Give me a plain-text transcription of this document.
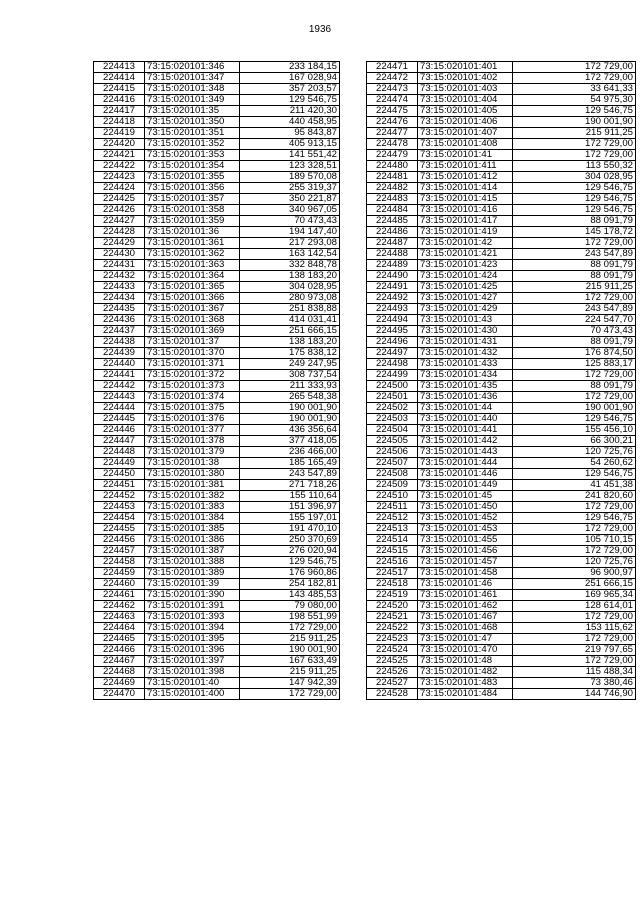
1936
224413	73:15:020101:346	233 184,15
224414	73:15:020101:347	167 028,94
224415	73:15:020101:348	357 203,57
224416	73:15:020101:349	129 546,75
224417	73:15:020101:35	211 420,30
224418	73:15:020101:350	440 458,95
224419	73:15:020101:351	95 843,87
224420	73:15:020101:352	405 913,15
224421	73:15:020101:353	141 551,42
224422	73:15:020101:354	123 328,51
224423	73:15:020101:355	189 570,08
224424	73:15:020101:356	255 319,37
224425	73:15:020101:357	350 221,87
224426	73:15:020101:358	340 967,05
224427	73:15:020101:359	70 473,43
224428	73:15:020101:36	194 147,40
224429	73:15:020101:361	217 293,08
224430	73:15:020101:362	163 142,54
224431	73:15:020101:363	332 848,78
224432	73:15:020101:364	138 183,20
224433	73:15:020101:365	304 028,95
224434	73:15:020101:366	280 973,08
224435	73:15:020101:367	251 838,88
224436	73:15:020101:368	414 031,41
224437	73:15:020101:369	251 666,15
224438	73:15:020101:37	138 183,20
224439	73:15:020101:370	175 838,12
224440	73:15:020101:371	249 247,95
224441	73:15:020101:372	308 737,54
224442	73:15:020101:373	211 333,93
224443	73:15:020101:374	265 548,38
224444	73:15:020101:375	190 001,90
224445	73:15:020101:376	190 001,90
224446	73:15:020101:377	436 356,64
224447	73:15:020101:378	377 418,05
224448	73:15:020101:379	236 466,00
224449	73:15:020101:38	185 165,49
224450	73:15:020101:380	243 547,89
224451	73:15:020101:381	271 718,26
224452	73:15:020101:382	155 110,64
224453	73:15:020101:383	151 396,97
224454	73:15:020101:384	155 197,01
224455	73:15:020101:385	191 470,10
224456	73:15:020101:386	250 370,69
224457	73:15:020101:387	276 020,94
224458	73:15:020101:388	129 546,75
224459	73:15:020101:389	176 960,86
224460	73:15:020101:39	254 182,81
224461	73:15:020101:390	143 485,53
224462	73:15:020101:391	79 080,00
224463	73:15:020101:393	198 551,99
224464	73:15:020101:394	172 729,00
224465	73:15:020101:395	215 911,25
224466	73:15:020101:396	190 001,90
224467	73:15:020101:397	167 633,49
224468	73:15:020101:398	215 911,25
224469	73:15:020101:40	147 942,39
224470	73:15:020101:400	172 729,00
224471	73:15:020101:401	172 729,00
224472	73:15:020101:402	172 729,00
224473	73:15:020101:403	33 641,33
224474	73:15:020101:404	54 975,30
224475	73:15:020101:405	129 546,75
224476	73:15:020101:406	190 001,90
224477	73:15:020101:407	215 911,25
224478	73:15:020101:408	172 729,00
224479	73:15:020101:41	172 729,00
224480	73:15:020101:411	113 550,32
224481	73:15:020101:412	304 028,95
224482	73:15:020101:414	129 546,75
224483	73:15:020101:415	129 546,75
224484	73:15:020101:416	129 546,75
224485	73:15:020101:417	88 091,79
224486	73:15:020101:419	145 178,72
224487	73:15:020101:42	172 729,00
224488	73:15:020101:421	243 547,89
224489	73:15:020101:423	88 091,79
224490	73:15:020101:424	88 091,79
224491	73:15:020101:425	215 911,25
224492	73:15:020101:427	172 729,00
224493	73:15:020101:429	243 547,89
224494	73:15:020101:43	224 547,70
224495	73:15:020101:430	70 473,43
224496	73:15:020101:431	88 091,79
224497	73:15:020101:432	176 874,50
224498	73:15:020101:433	125 883,17
224499	73:15:020101:434	172 729,00
224500	73:15:020101:435	88 091,79
224501	73:15:020101:436	172 729,00
224502	73:15:020101:44	190 001,90
224503	73:15:020101:440	129 546,75
224504	73:15:020101:441	155 456,10
224505	73:15:020101:442	66 300,21
224506	73:15:020101:443	120 725,76
224507	73:15:020101:444	54 260,62
224508	73:15:020101:446	129 546,75
224509	73:15:020101:449	41 451,38
224510	73:15:020101:45	241 820,60
224511	73:15:020101:450	172 729,00
224512	73:15:020101:452	129 546,75
224513	73:15:020101:453	172 729,00
224514	73:15:020101:455	105 710,15
224515	73:15:020101:456	172 729,00
224516	73:15:020101:457	120 725,76
224517	73:15:020101:458	96 900,97
224518	73:15:020101:46	251 666,15
224519	73:15:020101:461	169 965,34
224520	73:15:020101:462	128 614,01
224521	73:15:020101:467	172 729,00
224522	73:15:020101:468	153 115,62
224523	73:15:020101:47	172 729,00
224524	73:15:020101:470	219 797,65
224525	73:15:020101:48	172 729,00
224526	73:15:020101:482	115 488,34
224527	73:15:020101:483	73 380,46
224528	73:15:020101:484	144 746,90
